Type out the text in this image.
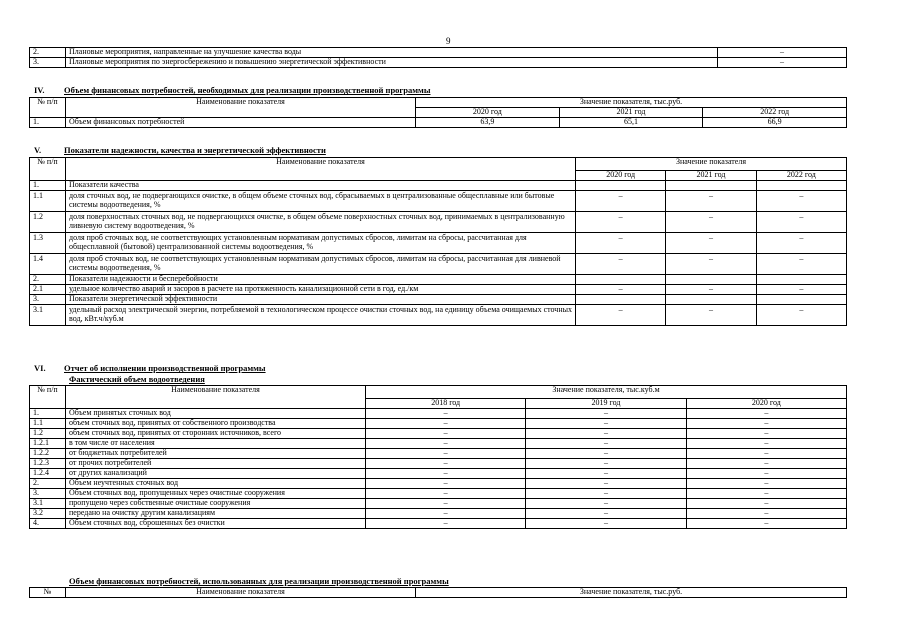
9
2.	Плановые мероприятия, направленные на улучшение качества воды	–
3.	Плановые мероприятия по энергосбережению и повышению энергетической эффективности	–
IV. Объем финансовых потребностей, необходимых для реализации производственной программы
№ п/п	Наименование показателя	Значение показателя, тыс.руб.		
		2020 год	2021 год	2022 год
1.	Объем финансовых потребностей	63,9	65,1	66,9
V.	Показатели надежности, качества и энергетической эффективности
№ п/п	Наименование показателя	Значение показателя		
		2020 год	2021 год	2022 год
1.	Показатели качества			
1.1	доля сточных вод, не подвергающихся очистке, в общем объеме сточных вод, сбрасываемых в централизованные общесплавные или бытовые системы водоотведения, %	–	–	–
1.2	доля поверхностных сточных вод, не подвергающихся очистке, в общем объеме поверхностных сточных вод, принимаемых в централизованную ливневую систему водоотведения, %	–	–	–
1.3	доля проб сточных вод, не соответствующих установленным нормативам допустимых сбросов, лимитам на сбросы, рассчитанная для общесплавной (бытовой) централизованной системы водоотведения, %	–	–	–
1.4	доля проб сточных вод, не соответствующих установленным нормативам допустимых сбросов, лимитам на сбросы, рассчитанная для ливневой системы водоотведения, %	–	–	–
2.	Показатели надежности и бесперебойности			
2.1	удельное количество аварий и засоров в расчете на протяженность канализационной сети в год, ед./км	–	–	–
3.	Показатели энергетической эффективности			
3.1	удельный расход электрической энергии, потребляемой в технологическом процессе очистки сточных вод, на единицу объема очищаемых сточных вод, кВт.ч/куб.м	–	–	–
VI. Отчет об исполнении производственной программы
Фактический объем водоотведения
№ п/п	Наименование показателя	Значение показателя, тыс.куб.м		
		2018 год	2019 год	2020 год
1.	Объем принятых сточных вод	–	–	–
1.1	объем сточных вод, принятых от собственного производства	–	–	–
1.2	объем сточных вод, принятых от сторонних источников, всего	–	–	–
1.2.1	в том числе от населения	–	–	–
1.2.2	от бюджетных потребителей	–	–	–
1.2.3	от прочих потребителей	–	–	–
1.2.4	от других канализаций	–	–	–
2.	Объем неучтенных сточных вод	–	–	–
3.	Объем сточных вод, пропущенных через очистные сооружения	–	–	–
3.1	пропущено через собственные очистные сооружения	–	–	–
3.2	передано на очистку другим канализациям	–	–	–
4.	Объем сточных вод, сброшенных без очистки	–	–	–
Объем финансовых потребностей, использованных для реализации производственной программы
№	Наименование показателя	Значение показателя, тыс.руб.
